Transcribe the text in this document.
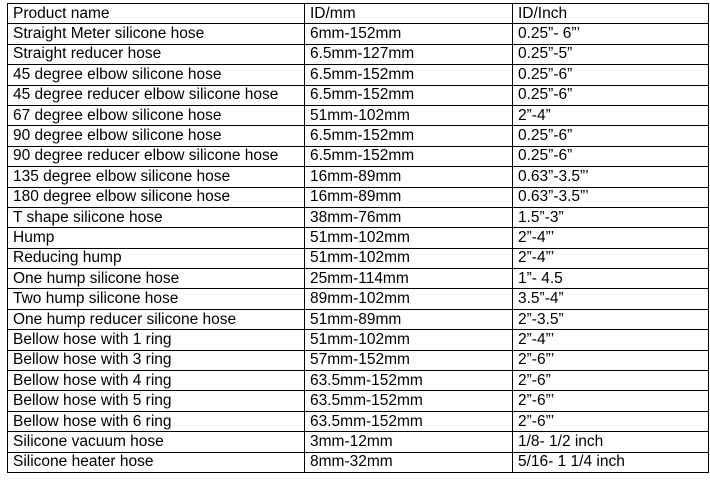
Product name	ID/mm	ID/Inch
Straight Meter silicone hose	6mm-152mm	0.25”- 6”’
Straight reducer hose	6.5mm-127mm	0.25”-5”
45 degree elbow silicone hose	6.5mm-152mm	0.25”-6”
45 degree reducer elbow silicone hose	6.5mm-152mm	0.25”-6”
67 degree elbow silicone hose	51mm-102mm	2”-4”
90 degree elbow silicone hose	6.5mm-152mm	0.25”-6”
90 degree reducer elbow silicone hose	6.5mm-152mm	0.25”-6”
135 degree elbow silicone hose	16mm-89mm	0.63”-3.5”’
180 degree elbow silicone hose	16mm-89mm	0.63”-3.5”’
T shape silicone hose	38mm-76mm	1.5”-3”
Hump	51mm-102mm	2”-4”’
Reducing hump	51mm-102mm	2”-4”’
One hump silicone hose	25mm-114mm	1”- 4.5
Two hump silicone hose	89mm-102mm	3.5”-4”
One hump reducer silicone hose	51mm-89mm	2”-3.5”
Bellow hose with 1 ring	51mm-102mm	2”-4”’
Bellow hose with 3 ring	57mm-152mm	2”-6”’
Bellow hose with 4 ring	63.5mm-152mm	2”-6”
Bellow hose with 5 ring	63.5mm-152mm	2”-6”’
Bellow hose with 6 ring	63.5mm-152mm	2”-6”’
Silicone vacuum hose	3mm-12mm	1/8- 1/2 inch
Silicone heater hose	8mm-32mm	5/16- 1 1/4 inch
